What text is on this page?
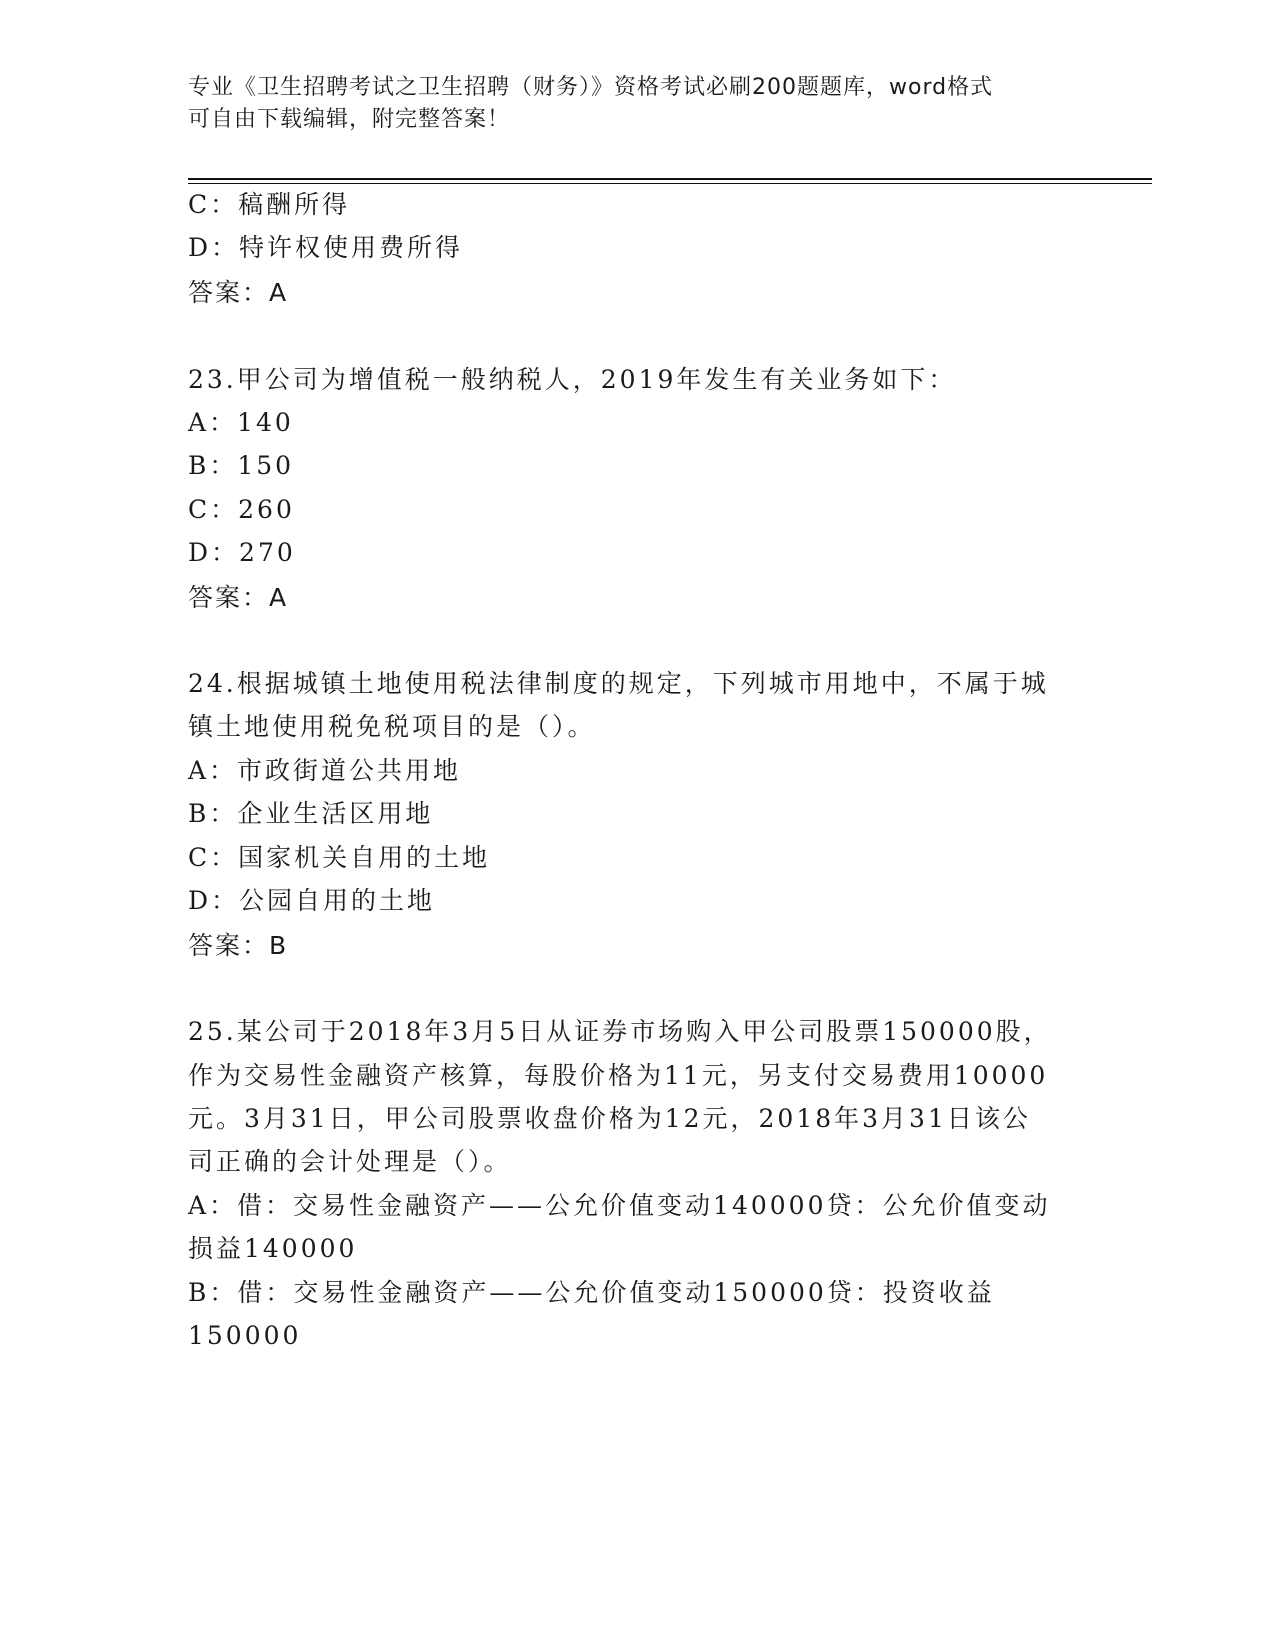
专业《卫生招聘考试之卫生招聘（财务）》资格考试必刷200题题库，word格式
可自由下载编辑，附完整答案！
C：稿酬所得
D：特许权使用费所得
答案：A
23.甲公司为增值税一般纳税人，2019年发生有关业务如下：
A：140
B：150
C：260
D：270
答案：A
24.根据城镇土地使用税法律制度的规定，下列城市用地中，不属于城
镇土地使用税免税项目的是（）。
A：市政街道公共用地
B：企业生活区用地
C：国家机关自用的土地
D：公园自用的土地
答案：B
25.某公司于2018年3月5日从证券市场购入甲公司股票150000股，
作为交易性金融资产核算，每股价格为11元，另支付交易费用10000
元。3月31日，甲公司股票收盘价格为12元，2018年3月31日该公
司正确的会计处理是（）。
A：借：交易性金融资产——公允价值变动140000贷：公允价值变动
损益140000
B：借：交易性金融资产——公允价值变动150000贷：投资收益
150000
